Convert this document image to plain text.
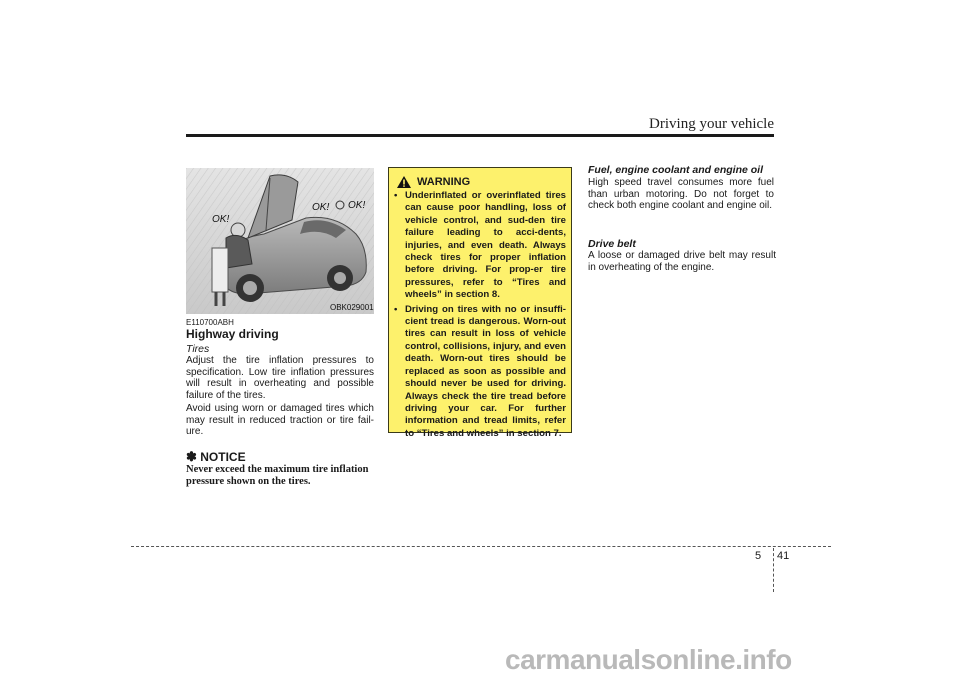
Driving your vehicle
OK!
OK! OK!
OBK029001
E110700ABH
Highway driving
Tires

Adjust the tire inflation pressures to specification. Low tire inflation pressures will result in overheating and possible failure of the tires.

Avoid using worn or damaged tires which may result in reduced traction or tire fail-ure.

✽ NOTICE
Never exceed the maximum tire inflation pressure shown on the tires.
WARNING
• Underinflated or overinflated tires can cause poor handling, loss of vehicle control, and sud-den tire failure leading to acci-dents, injuries, and even death. Always check tires for proper inflation before driving. For prop-er tire pressures, refer to “Tires and wheels” in section 8.
• Driving on tires with no or insuffi-cient tread is dangerous. Worn-out tires can result in loss of vehicle control, collisions, injury, and even death. Worn-out tires should be replaced as soon as possible and should never be used for driving. Always check the tire tread before driving your car. For further information and tread limits, refer to “Tires and wheels” in section 7.
Fuel, engine coolant and engine oil

High speed travel consumes more fuel than urban motoring. Do not forget to check both engine coolant and engine oil.

Drive belt

A loose or damaged drive belt may result in overheating of the engine.

5 41
carmanualsonline.info
